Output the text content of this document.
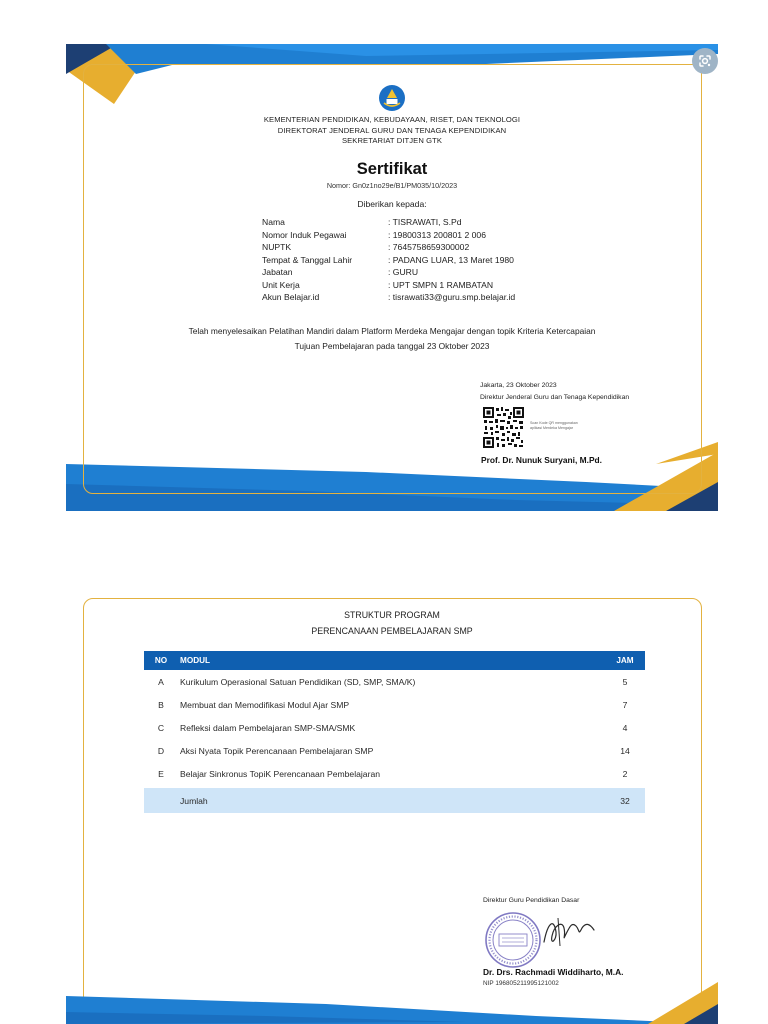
KEMENTERIAN PENDIDIKAN, KEBUDAYAAN, RISET, DAN TEKNOLOGI
DIREKTORAT JENDERAL GURU DAN TENAGA KEPENDIDIKAN
SEKRETARIAT DITJEN GTK
Sertifikat
Nomor: Gn0z1no29e/B1/PM035/10/2023
Diberikan kepada:
Nama	: TISRAWATI, S.Pd
Nomor Induk Pegawai	: 19800313 200801 2 006
NUPTK	: 7645758659300002
Tempat & Tanggal Lahir	: PADANG LUAR, 13 Maret 1980
Jabatan	: GURU
Unit Kerja	: UPT SMPN 1 RAMBATAN
Akun Belajar.id	: tisrawati33@guru.smp.belajar.id
Telah menyelesaikan Pelatihan Mandiri dalam Platform Merdeka Mengajar dengan topik Kriteria Ketercapaian
Tujuan Pembelajaran pada tanggal 23 Oktober 2023
Jakarta, 23 Oktober 2023
Direktur Jenderal Guru dan Tenaga Kependidikan
Scan Kode QR menggunakan
aplikasi Merdeka Mengajar
Prof. Dr. Nunuk Suryani, M.Pd.
STRUKTUR PROGRAM
PERENCANAAN PEMBELAJARAN SMP
NO	MODUL	JAM
A	Kurikulum Operasional Satuan Pendidikan (SD, SMP, SMA/K)	5
B	Membuat dan Memodifikasi Modul Ajar SMP	7
C	Refleksi dalam Pembelajaran SMP-SMA/SMK	4
D	Aksi Nyata Topik Perencanaan Pembelajaran SMP	14
E	Belajar Sinkronus TopiK Perencanaan Pembelajaran	2
Jumlah	32
Direktur Guru Pendidikan Dasar
Dr. Drs. Rachmadi Widdiharto, M.A.
NIP 196805211995121002
